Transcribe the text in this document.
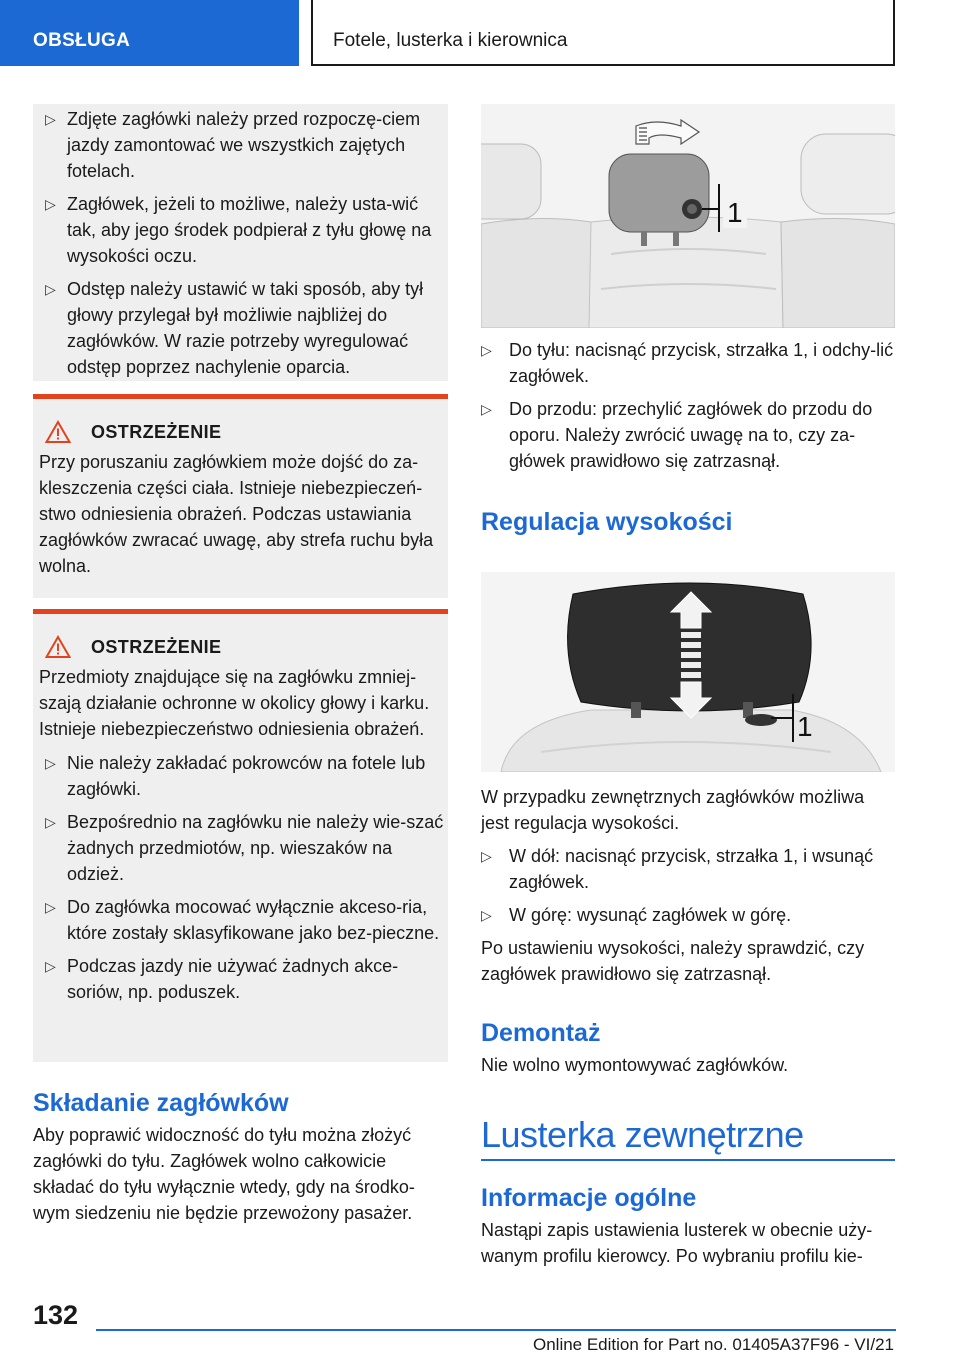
OBSŁUGA	Fotele, lusterka i kierownica
▷ Zdjęte zagłówki należy przed rozpoczę-ciem jazdy zamontować we wszystkich zajętych fotelach.
▷ Zagłówek, jeżeli to możliwe, należy usta-wić tak, aby jego środek podpierał z tyłu głowę na wysokości oczu.
▷ Odstęp należy ustawić w taki sposób, aby tył głowy przylegał był możliwie najbliżej do zagłówków. W razie potrzeby wyregulować odstęp poprzez nachylenie oparcia.
OSTRZEŻENIE

Przy poruszaniu zagłówkiem może dojść do za-kleszczenia części ciała. Istnieje niebezpieczeń-stwo odniesienia obrażeń. Podczas ustawiania zagłówków zwracać uwagę, aby strefa ruchu była wolna.

OSTRZEŻENIE

Przedmioty znajdujące się na zagłówku zmniej-szają działanie ochronne w okolicy głowy i karku. Istnieje niebezpieczeństwo odniesienia obrażeń.

▷ Nie należy zakładać pokrowców na fotele lub zagłówki.
▷ Bezpośrednio na zagłówku nie należy wie-szać żadnych przedmiotów, np. wieszaków na odzież.
▷ Do zagłówka mocować wyłącznie akceso-ria, które zostały sklasyfikowane jako bez-pieczne.
▷ Podczas jazdy nie używać żadnych akce-soriów, np. poduszek.
Składanie zagłówków

Aby poprawić widoczność do tyłu można złożyć zagłówki do tyłu. Zagłówek wolno całkowicie składać do tyłu wyłącznie wtedy, gdy na środko-wym siedzeniu nie będzie przewożony pasażer.

1
▷ Do tyłu: nacisnąć przycisk, strzałka 1, i odchy-lić zagłówek.
▷ Do przodu: przechylić zagłówek do przodu do oporu. Należy zwrócić uwagę na to, czy za-główek prawidłowo się zatrzasnął.
Regulacja wysokości
1

W przypadku zewnętrznych zagłówków możliwa jest regulacja wysokości.

▷ W dół: nacisnąć przycisk, strzałka 1, i wsunąć zagłówek.
▷ W górę: wysunąć zagłówek w górę.

Po ustawieniu wysokości, należy sprawdzić, czy zagłówek prawidłowo się zatrzasnął.

Demontaż

Nie wolno wymontowywać zagłówków.

Lusterka zewnętrzne
Informacje ogólne

Nastąpi zapis ustawienia lusterek w obecnie uży-wanym profilu kierowcy. Po wybraniu profilu kie-

132
Online Edition for Part no. 01405A37F96 - VI/21
